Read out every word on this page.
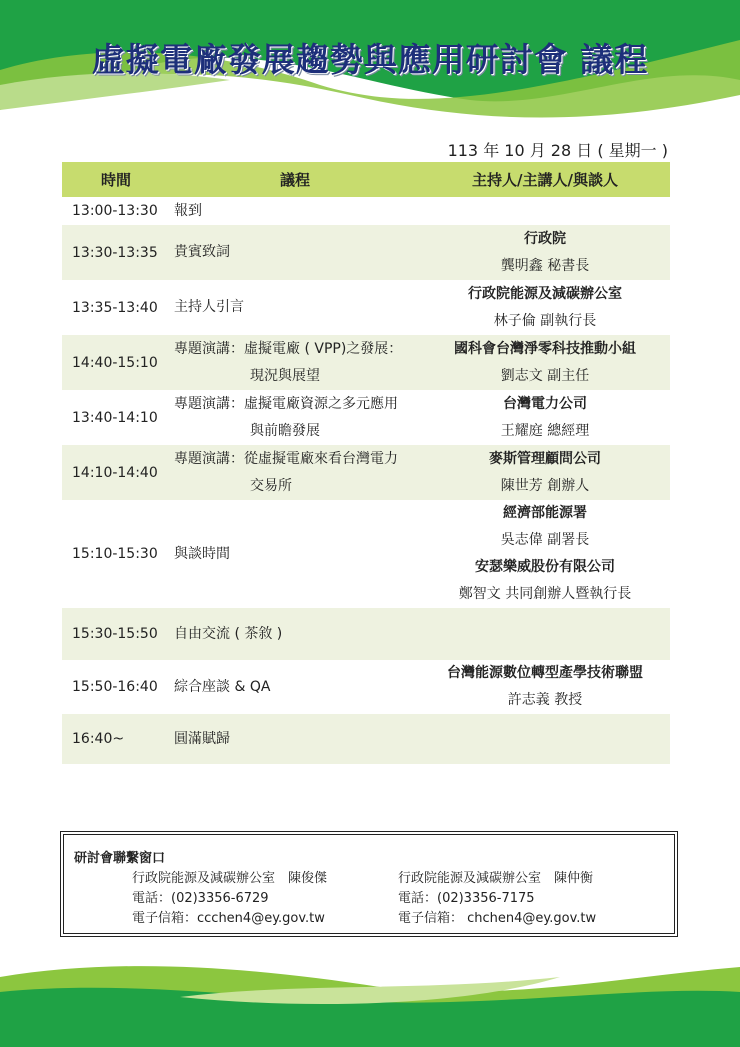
虛擬電廠發展趨勢與應用研討會 議程
113 年 10 月 28 日 ( 星期一 )
時間	議程	主持人/主講人/與談人
13:00-13:30	報到	

13:30-13:35	貴賓致詞	行政院
龔明鑫 秘書長

13:35-13:40	主持人引言	行政院能源及減碳辦公室
林子倫 副執行長

14:40-15:10	專題演講：虛擬電廠 ( VPP)之發展：
現況與展望	國科會台灣淨零科技推動小組
劉志文 副主任

13:40-14:10	專題演講：虛擬電廠資源之多元應用
與前瞻發展	台灣電力公司
王耀庭 總經理

14:10-14:40	專題演講：從虛擬電廠來看台灣電力
交易所	麥斯管理顧問公司
陳世芳 創辦人

15:10-15:30	與談時間	經濟部能源署
吳志偉 副署長
安瑟樂威股份有限公司
鄭智文 共同創辦人暨執行長

15:30-15:50	自由交流 ( 茶敘 )	

15:50-16:40	綜合座談 & QA	台灣能源數位轉型產學技術聯盟
許志義 教授

16:40~	圓滿賦歸	

研討會聯繫窗口

行政院能源及減碳辦公室　陳俊傑

電話：(02)3356-6729

電子信箱：ccchen4@ey.gov.tw

行政院能源及減碳辦公室　陳仲衡

電話：(02)3356-7175

電子信箱： chchen4@ey.gov.tw
